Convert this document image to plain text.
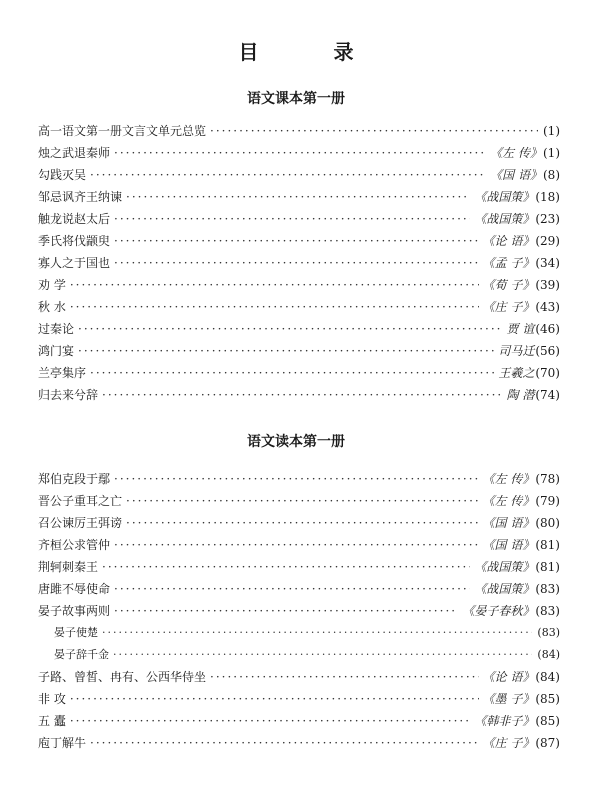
目 录
语文课本第一册
高一语文第一册文言文单元总览 ·····	(1)
烛之武退秦师 ·····	《左 传》 (1)
勾践灭吴 ·····	《国 语》 (8)
邹忌讽齐王纳谏 ·····	《战国策》 (18)
触龙说赵太后 ·····	《战国策》 (23)
季氏将伐颛臾 ·····	《论 语》 (29)
寡人之于国也 ·····	《孟 子》 (34)
劝 学 ·····	《荀 子》 (39)
秋 水 ·····	《庄 子》 (43)
过秦论 ·····	贾 谊 (46)
鸿门宴 ·····	司马迁 (56)
兰亭集序 ·····	王羲之 (70)
归去来兮辞 ·····	陶 潜 (74)
语文读本第一册
郑伯克段于鄢 ·····	《左 传》 (78)
晋公子重耳之亡 ·····	《左 传》 (79)
召公谏厉王弭谤 ·····	《国 语》 (80)
齐桓公求管仲 ·····	《国 语》 (81)
荆轲刺秦王 ·····	《战国策》 (81)
唐雎不辱使命 ·····	《战国策》 (83)
晏子故事两则 ·····	《晏子春秋》 (83)
晏子使楚 ·····	(83)
晏子辞千金 ·····	(84)
子路、曾皙、冉有、公西华侍坐 ·····	《论 语》 (84)
非 攻 ·····	《墨 子》 (85)
五 蠹 ·····	《韩非子》 (85)
庖丁解牛 ·····	《庄 子》 (87)
